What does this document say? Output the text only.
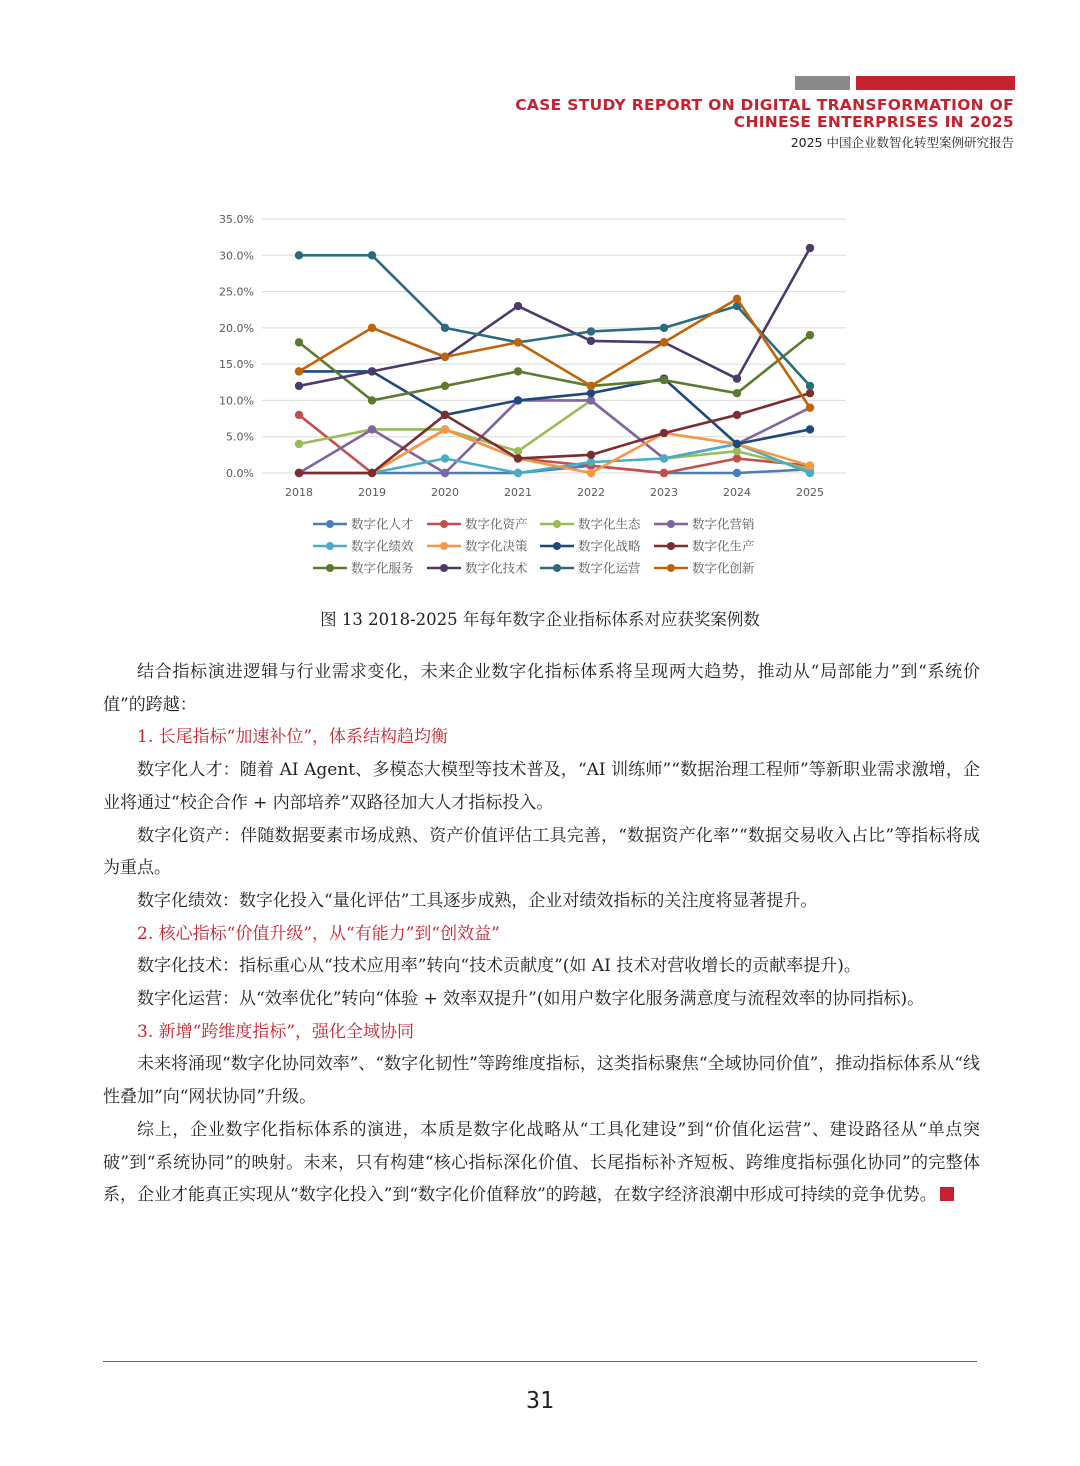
CASE STUDY REPORT ON DIGITAL TRANSFORMATION OF
CHINESE ENTERPRISES IN 2025
2025 中国企业数智化转型案例研究报告
0.0%
5.0%
10.0%
15.0%
20.0%
25.0%
30.0%
35.0%
2018	2019	2020	2021	2022	2023	2024	2025
数字化人才	数字化资产	数字化生态	数字化营销
数字化绩效	数字化决策	数字化战略	数字化生产
数字化服务	数字化技术	数字化运营	数字化创新
图 13 2018-2025 年每年数字企业指标体系对应获奖案例数

结合指标演进逻辑与行业需求变化，未来企业数字化指标体系将呈现两大趋势，推动从“局部能力”到“系统价值”的跨越：

1. 长尾指标“加速补位”，体系结构趋均衡

数字化人才：随着 AI Agent、多模态大模型等技术普及，“AI 训练师”“数据治理工程师”等新职业需求激增，企业将通过“校企合作 + 内部培养”双路径加大人才指标投入。

数字化资产：伴随数据要素市场成熟、资产价值评估工具完善，“数据资产化率”“数据交易收入占比”等指标将成为重点。

数字化绩效：数字化投入“量化评估”工具逐步成熟，企业对绩效指标的关注度将显著提升。

2. 核心指标“价值升级”，从“有能力”到“创效益”

数字化技术：指标重心从“技术应用率”转向“技术贡献度”(如 AI 技术对营收增长的贡献率提升)。

数字化运营：从“效率优化”转向“体验 + 效率双提升”(如用户数字化服务满意度与流程效率的协同指标)。

3. 新增“跨维度指标”，强化全域协同

未来将涌现“数字化协同效率”、“数字化韧性”等跨维度指标，这类指标聚焦“全域协同价值”，推动指标体系从“线性叠加”向“网状协同”升级。

综上，企业数字化指标体系的演进，本质是数字化战略从“工具化建设”到“价值化运营”、建设路径从“单点突破”到“系统协同”的映射。未来，只有构建“核心指标深化价值、长尾指标补齐短板、跨维度指标强化协同”的完整体系，企业才能真正实现从“数字化投入”到“数字化价值释放”的跨越，在数字经济浪潮中形成可持续的竞争优势。

31
